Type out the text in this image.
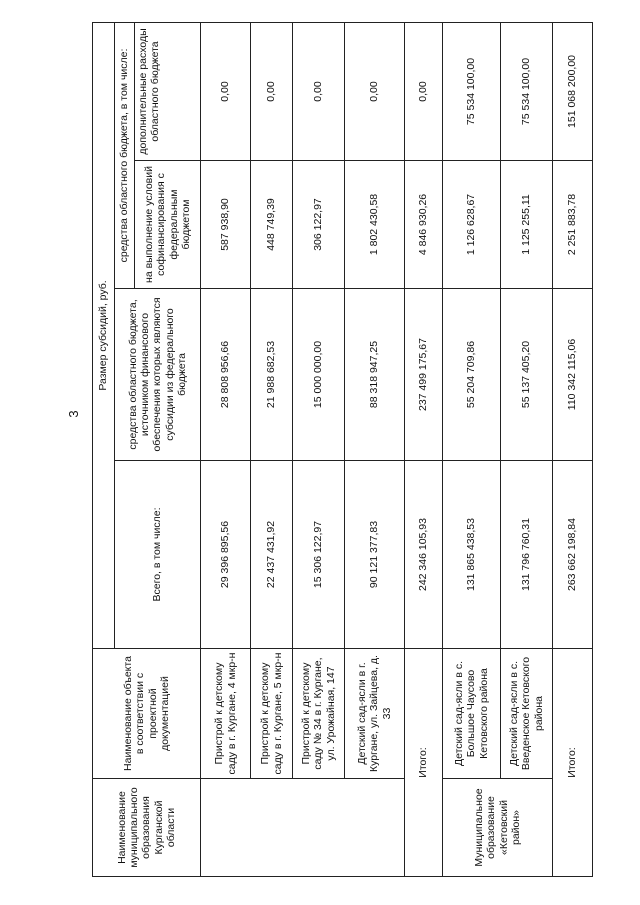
3
Наименование муниципального образования Курганской области	Наименование объекта в соответствии с проектной документацией	Размер субсидий, руб.			
		Всего, в том числе:	средства областного бюджета, источником финансового обеспечения которых являются субсидии из федерального бюджета	средства областного бюджета, в том числе:	
				на выполнение условий софинансирования с федеральным бюджетом	дополнительные расходы областного бюджета
	Пристрой к детскому саду в г. Кургане, 4 мкр-н	29 396 895,56	28 808 956,66	587 938,90	0,00
	Пристрой к детскому саду в г. Кургане, 5 мкр-н	22 437 431,92	21 988 682,53	448 749,39	0,00
	Пристрой к детскому саду № 34 в г. Кургане, ул. Урожайная, 147	15 306 122,97	15 000 000,00	306 122,97	0,00
	Детский сад-ясли в г. Кургане, ул. Зайцева, д. 33	90 121 377,83	88 318 947,25	1 802 430,58	0,00
Итого:		242 346 105,93	237 499 175,67	4 846 930,26	0,00
Муниципальное образование «Кетовский район»	Детский сад-ясли в с. Большое Чаусово Кетовского района	131 865 438,53	55 204 709,86	1 126 628,67	75 534 100,00
	Детский сад-ясли в с. Введенское Кетовского района	131 796 760,31	55 137 405,20	1 125 255,11	75 534 100,00
Итого:		263 662 198,84	110 342 115,06	2 251 883,78	151 068 200,00
